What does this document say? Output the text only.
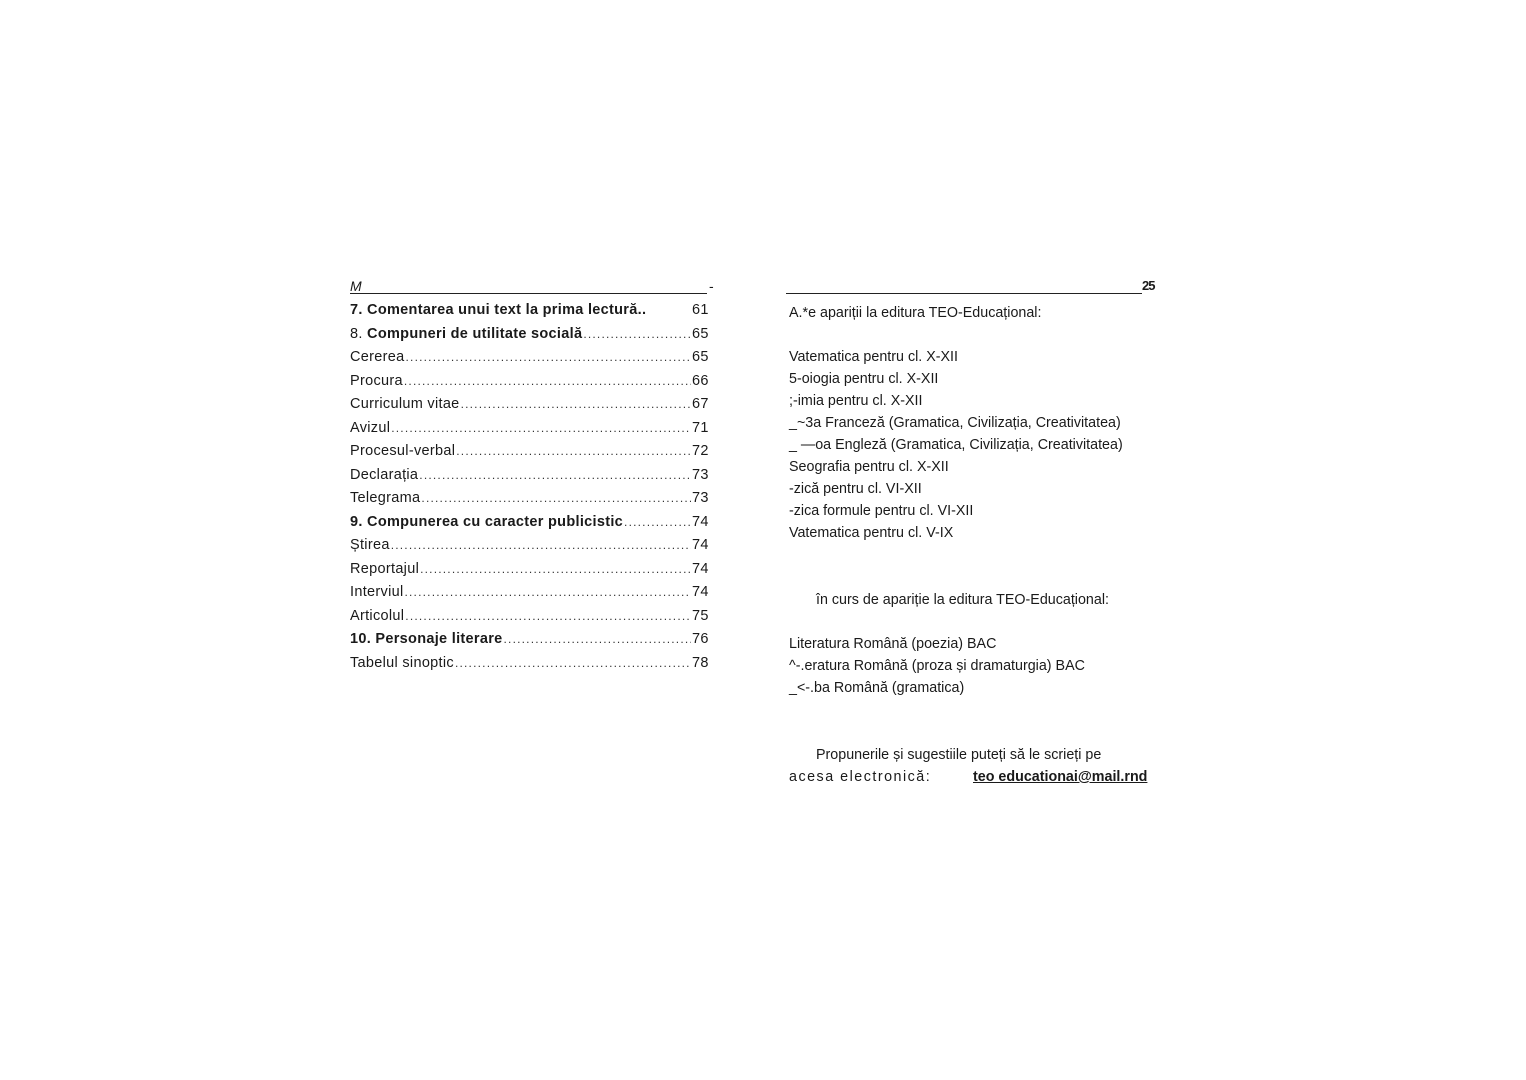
M	-
7. Comentarea unui text la prima lectură..	61
8. Compuneri de utilitate socială .....	65
Cererea .....	65
Procura .....	66
Curriculum vitae .....	67
Avizul .....	71
Procesul-verbal .....	72
Declarația .....	73
Telegrama .....	73
9. Compunerea cu caracter publicistic .....	74
Știrea .....	74
Reportajul .....	74
Interviul .....	74
Articolul .....	75
10. Personaje literare .....	76
Tabelul sinoptic .....	78
25
A.*e apariții la editura TEO-Educațional:
Vatematica pentru cl. X-XII
5-oiogia pentru cl. X-XII
;-imia pentru cl. X-XII
_~3a Franceză (Gramatica, Civilizația, Creativitatea)
_ —oa Engleză (Gramatica, Civilizația, Creativitatea)
Seografia pentru cl. X-XII
-zică pentru cl. VI-XII
-zica formule pentru cl. VI-XII
Vatematica pentru cl. V-IX
în curs de apariție la editura TEO-Educațional:
Literatura Română (poezia) BAC
^-.eratura Română (proza și dramaturgia) BAC
_<-.ba Română (gramatica)
Propunerile și sugestiile puteți să le scrieți pe
acesa electronică:	teo educationai@mail.rnd
